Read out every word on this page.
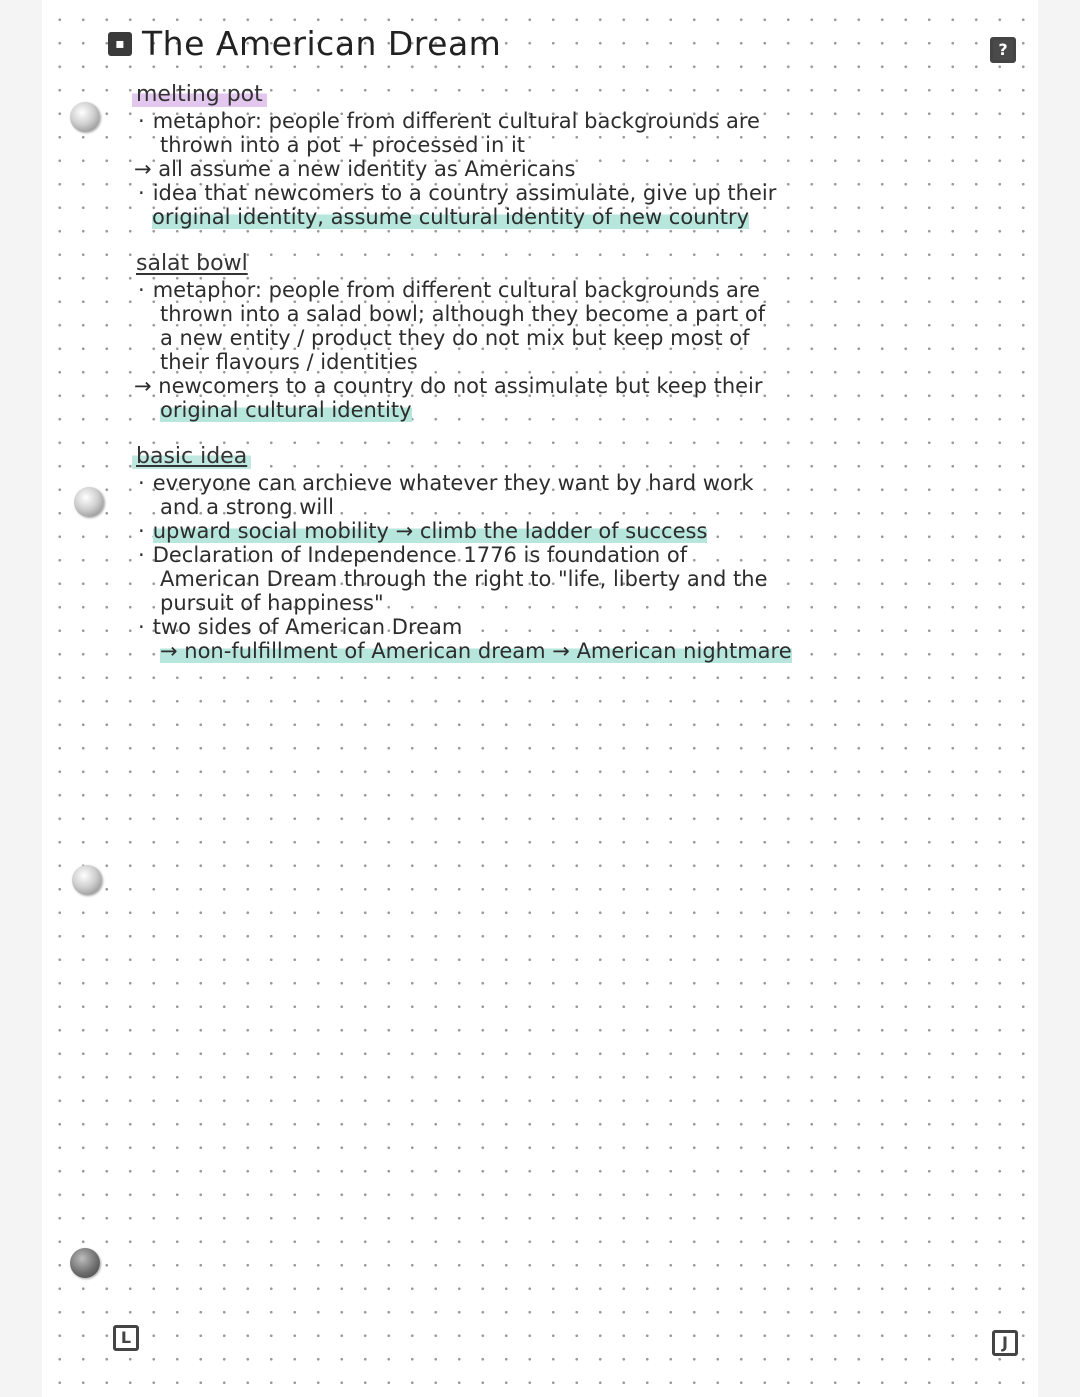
?
L	J
▪ The American Dream
melting pot
· metaphor: people from different cultural backgrounds are
thrown into a pot + processed in it
→ all assume a new identity as Americans
· idea that newcomers to a country assimulate, give up their
original identity, assume cultural identity of new country
salat bowl
· metaphor: people from different cultural backgrounds are
thrown into a salad bowl; although they become a part of
a new entity / product they do not mix but keep most of
their flavours / identities
→ newcomers to a country do not assimulate but keep their
original cultural identity
basic idea
· everyone can archieve whatever they want by hard work
and a strong will
· upward social mobility → climb the ladder of success
· Declaration of Independence 1776 is foundation of
American Dream through the right to "life, liberty and the
pursuit of happiness"
· two sides of American Dream
→ non-fulfillment of American dream → American nightmare
